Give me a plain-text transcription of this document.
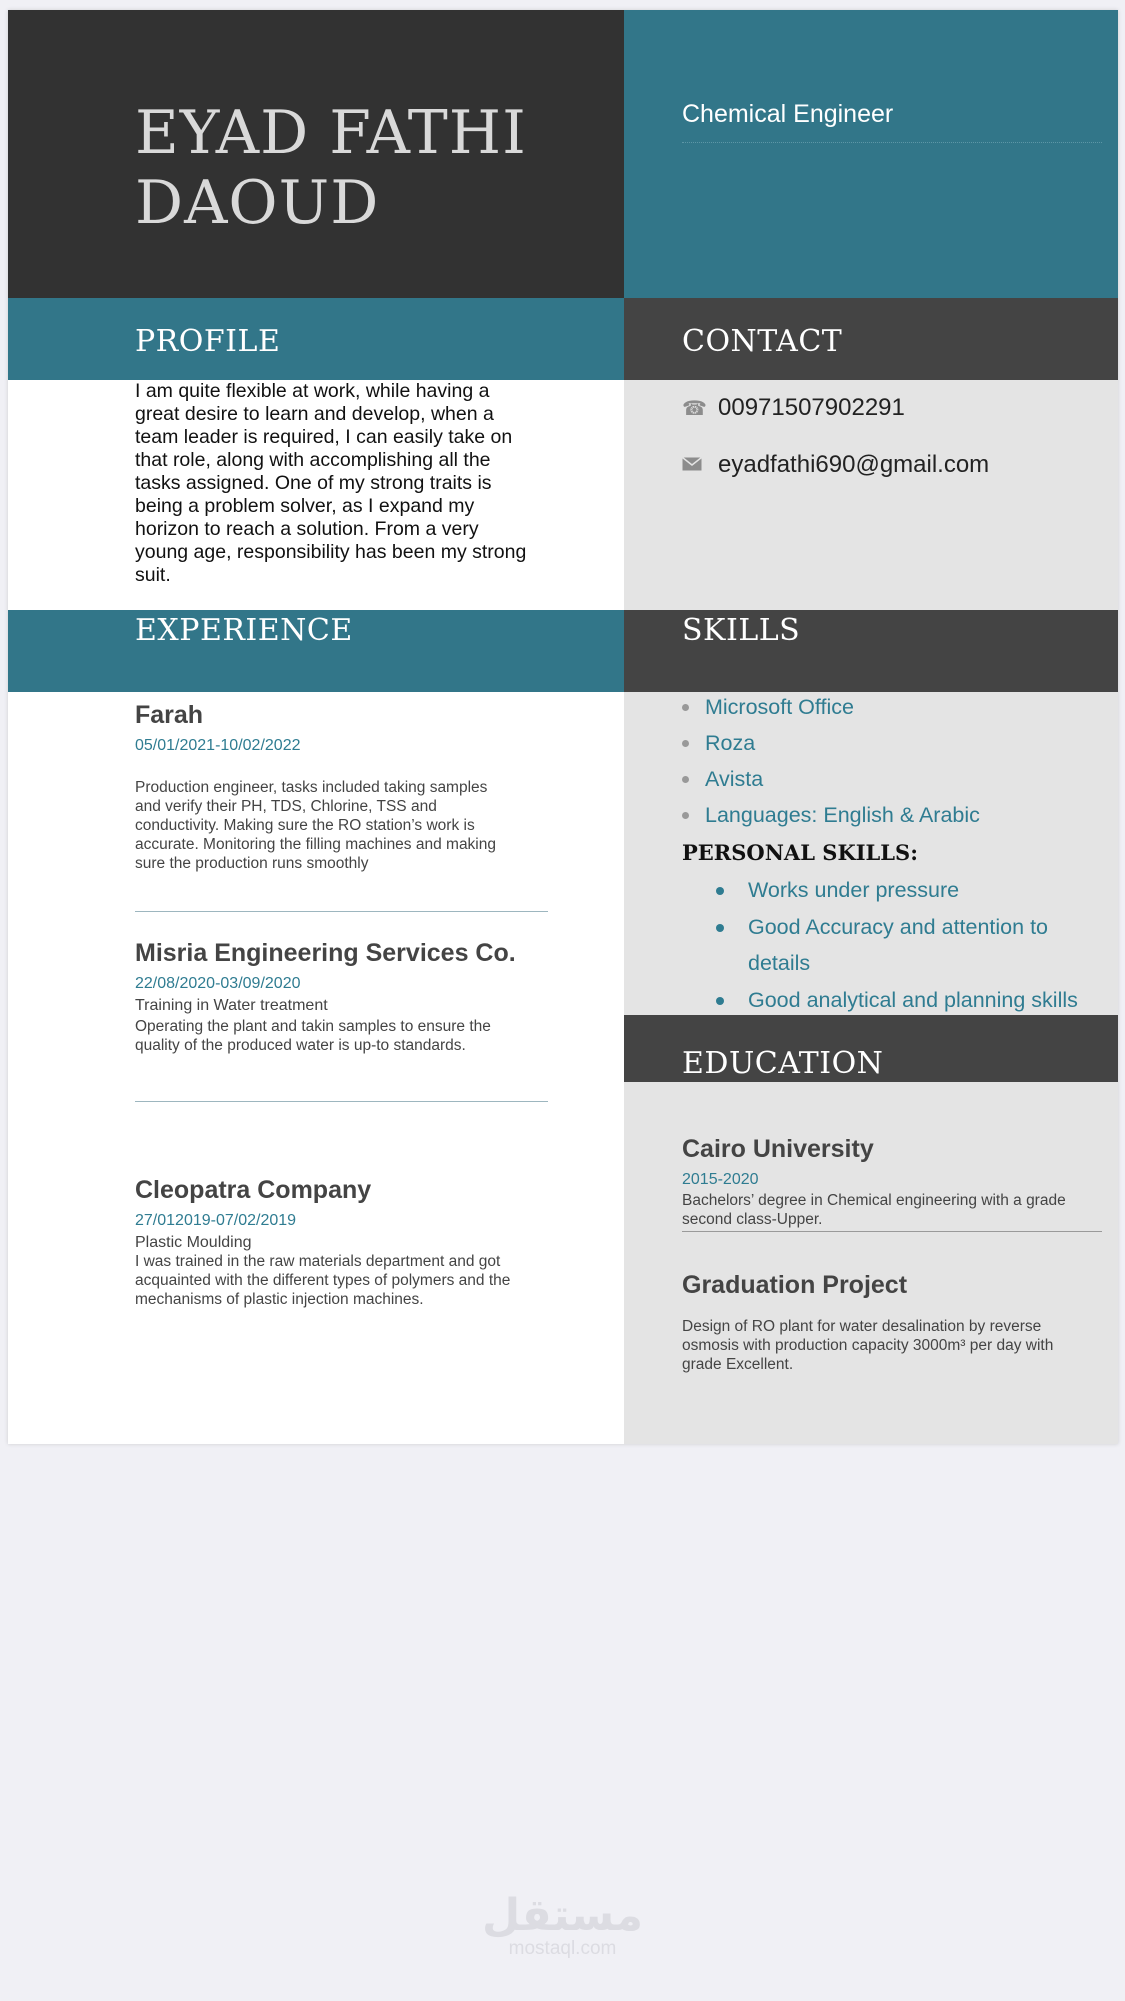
EYAD FATHI
DAOUD
Chemical Engineer
PROFILE	CONTACT
EXPERIENCE	SKILLS
EDUCATION
I am quite flexible at work, while having a
great desire to learn and develop, when a
team leader is required, I can easily take on
that role, along with accomplishing all the
tasks assigned. One of my strong traits is
being a problem solver, as I expand my
horizon to reach a solution. From a very
young age, responsibility has been my strong
suit.
☎ 00971507902291
eyadfathi690@gmail.com
Farah
05/01/2021-10/02/2022
Production engineer, tasks included taking samples
and verify their PH, TDS, Chlorine, TSS and
conductivity. Making sure the RO station’s work is
accurate. Monitoring the filling machines and making
sure the production runs smoothly
Misria Engineering Services Co.
22/08/2020-03/09/2020
Training in Water treatment
Operating the plant and takin samples to ensure the
quality of the produced water is up-to standards.
Cleopatra Company
27/012019-07/02/2019
Plastic Moulding
I was trained in the raw materials department and got
acquainted with the different types of polymers and the
mechanisms of plastic injection machines.
Microsoft Office
Roza
Avista
Languages: English & Arabic
PERSONAL SKILLS:
Works under pressure
Good Accuracy and attention to
details
Good analytical and planning skills
Cairo University
2015-2020
Bachelors’ degree in Chemical engineering with a grade
second class-Upper.
Graduation Project
Design of RO plant for water desalination by reverse
osmosis with production capacity 3000m³ per day with
grade Excellent.
مستقل
mostaql.com
